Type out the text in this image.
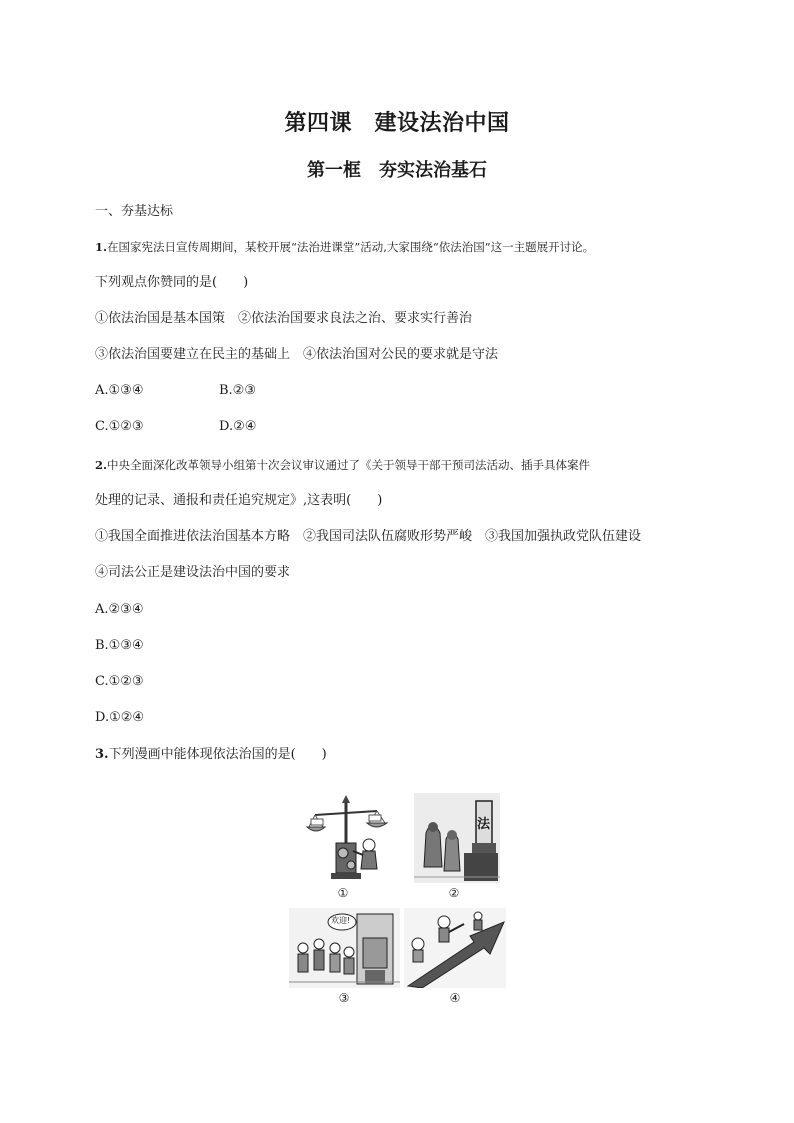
第四课　建设法治中国
第一框　夯实法治基石
一、夯基达标
1.在国家宪法日宣传周期间，某校开展“法治进课堂”活动,大家围绕“依法治国”这一主题展开讨论。
下列观点你赞同的是(　　)
①依法治国是基本国策　②依法治国要求良法之治、要求实行善治
③依法治国要建立在民主的基础上　④依法治国对公民的要求就是守法
A.①③④	B.②③
C.①②③	D.②④
2.中央全面深化改革领导小组第十次会议审议通过了《关于领导干部干预司法活动、插手具体案件
处理的记录、通报和责任追究规定》,这表明(　　)
①我国全面推进依法治国基本方略　②我国司法队伍腐败形势严峻　③我国加强执政党队伍建设
④司法公正是建设法治中国的要求
A.②③④
B.①③④
C.①②③
D.①②④
3.下列漫画中能体现依法治国的是(　　)
①
法
②
欢迎!
③	④
